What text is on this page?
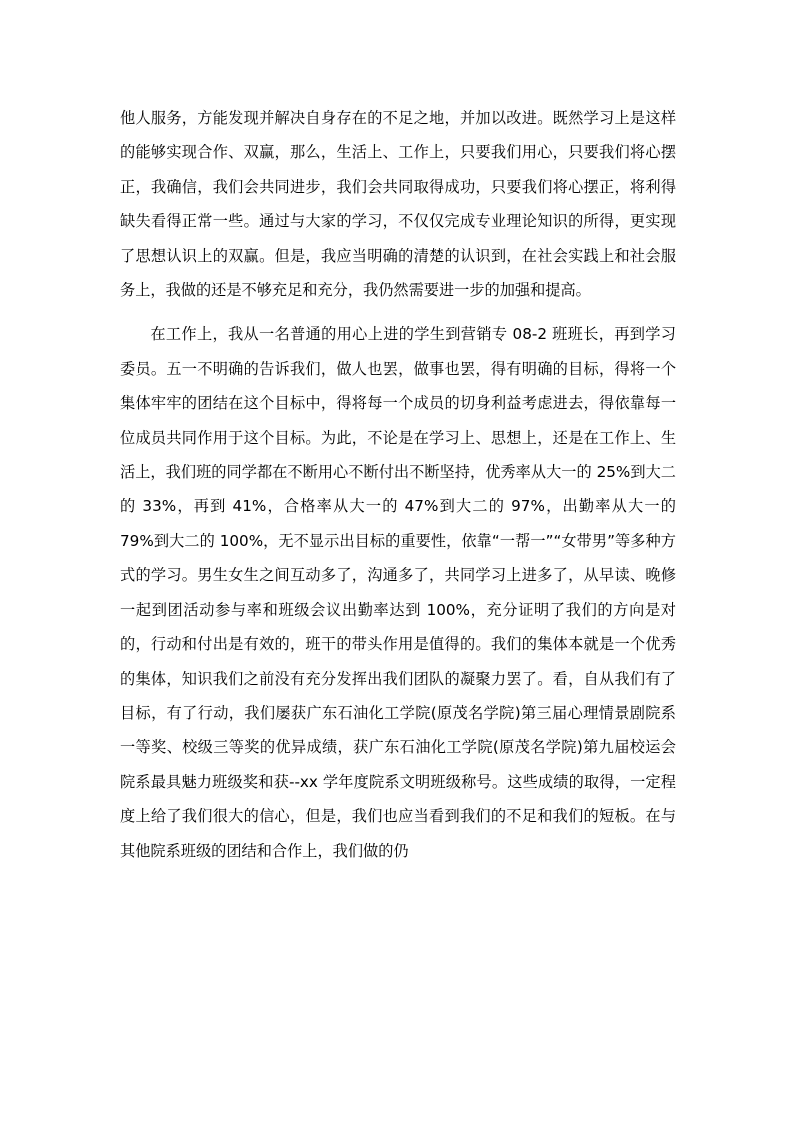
他人服务，方能发现并解决自身存在的不足之地，并加以改进。既然学习上是这样的能够实现合作、双赢，那么，生活上、工作上，只要我们用心，只要我们将心摆正，我确信，我们会共同进步，我们会共同取得成功，只要我们将心摆正，将利得缺失看得正常一些。通过与大家的学习，不仅仅完成专业理论知识的所得，更实现了思想认识上的双赢。但是，我应当明确的清楚的认识到，在社会实践上和社会服务上，我做的还是不够充足和充分，我仍然需要进一步的加强和提高。

在工作上，我从一名普通的用心上进的学生到营销专 08-2 班班长，再到学习委员。五一不明确的告诉我们，做人也罢，做事也罢，得有明确的目标，得将一个集体牢牢的团结在这个目标中，得将每一个成员的切身利益考虑进去，得依靠每一位成员共同作用于这个目标。为此，不论是在学习上、思想上，还是在工作上、生活上，我们班的同学都在不断用心不断付出不断坚持，优秀率从大一的 25%到大二的 33%，再到 41%，合格率从大一的 47%到大二的 97%，出勤率从大一的 79%到大二的 100%，无不显示出目标的重要性，依靠“一帮一”“女带男”等多种方式的学习。男生女生之间互动多了，沟通多了，共同学习上进多了，从早读、晚修一起到团活动参与率和班级会议出勤率达到 100%，充分证明了我们的方向是对的，行动和付出是有效的，班干的带头作用是值得的。我们的集体本就是一个优秀的集体，知识我们之前没有充分发挥出我们团队的凝聚力罢了。看，自从我们有了目标，有了行动，我们屡获广东石油化工学院(原茂名学院)第三届心理情景剧院系一等奖、校级三等奖的优异成绩，获广东石油化工学院(原茂名学院)第九届校运会院系最具魅力班级奖和获--xx 学年度院系文明班级称号。这些成绩的取得，一定程度上给了我们很大的信心，但是，我们也应当看到我们的不足和我们的短板。在与其他院系班级的团结和合作上，我们做的仍
